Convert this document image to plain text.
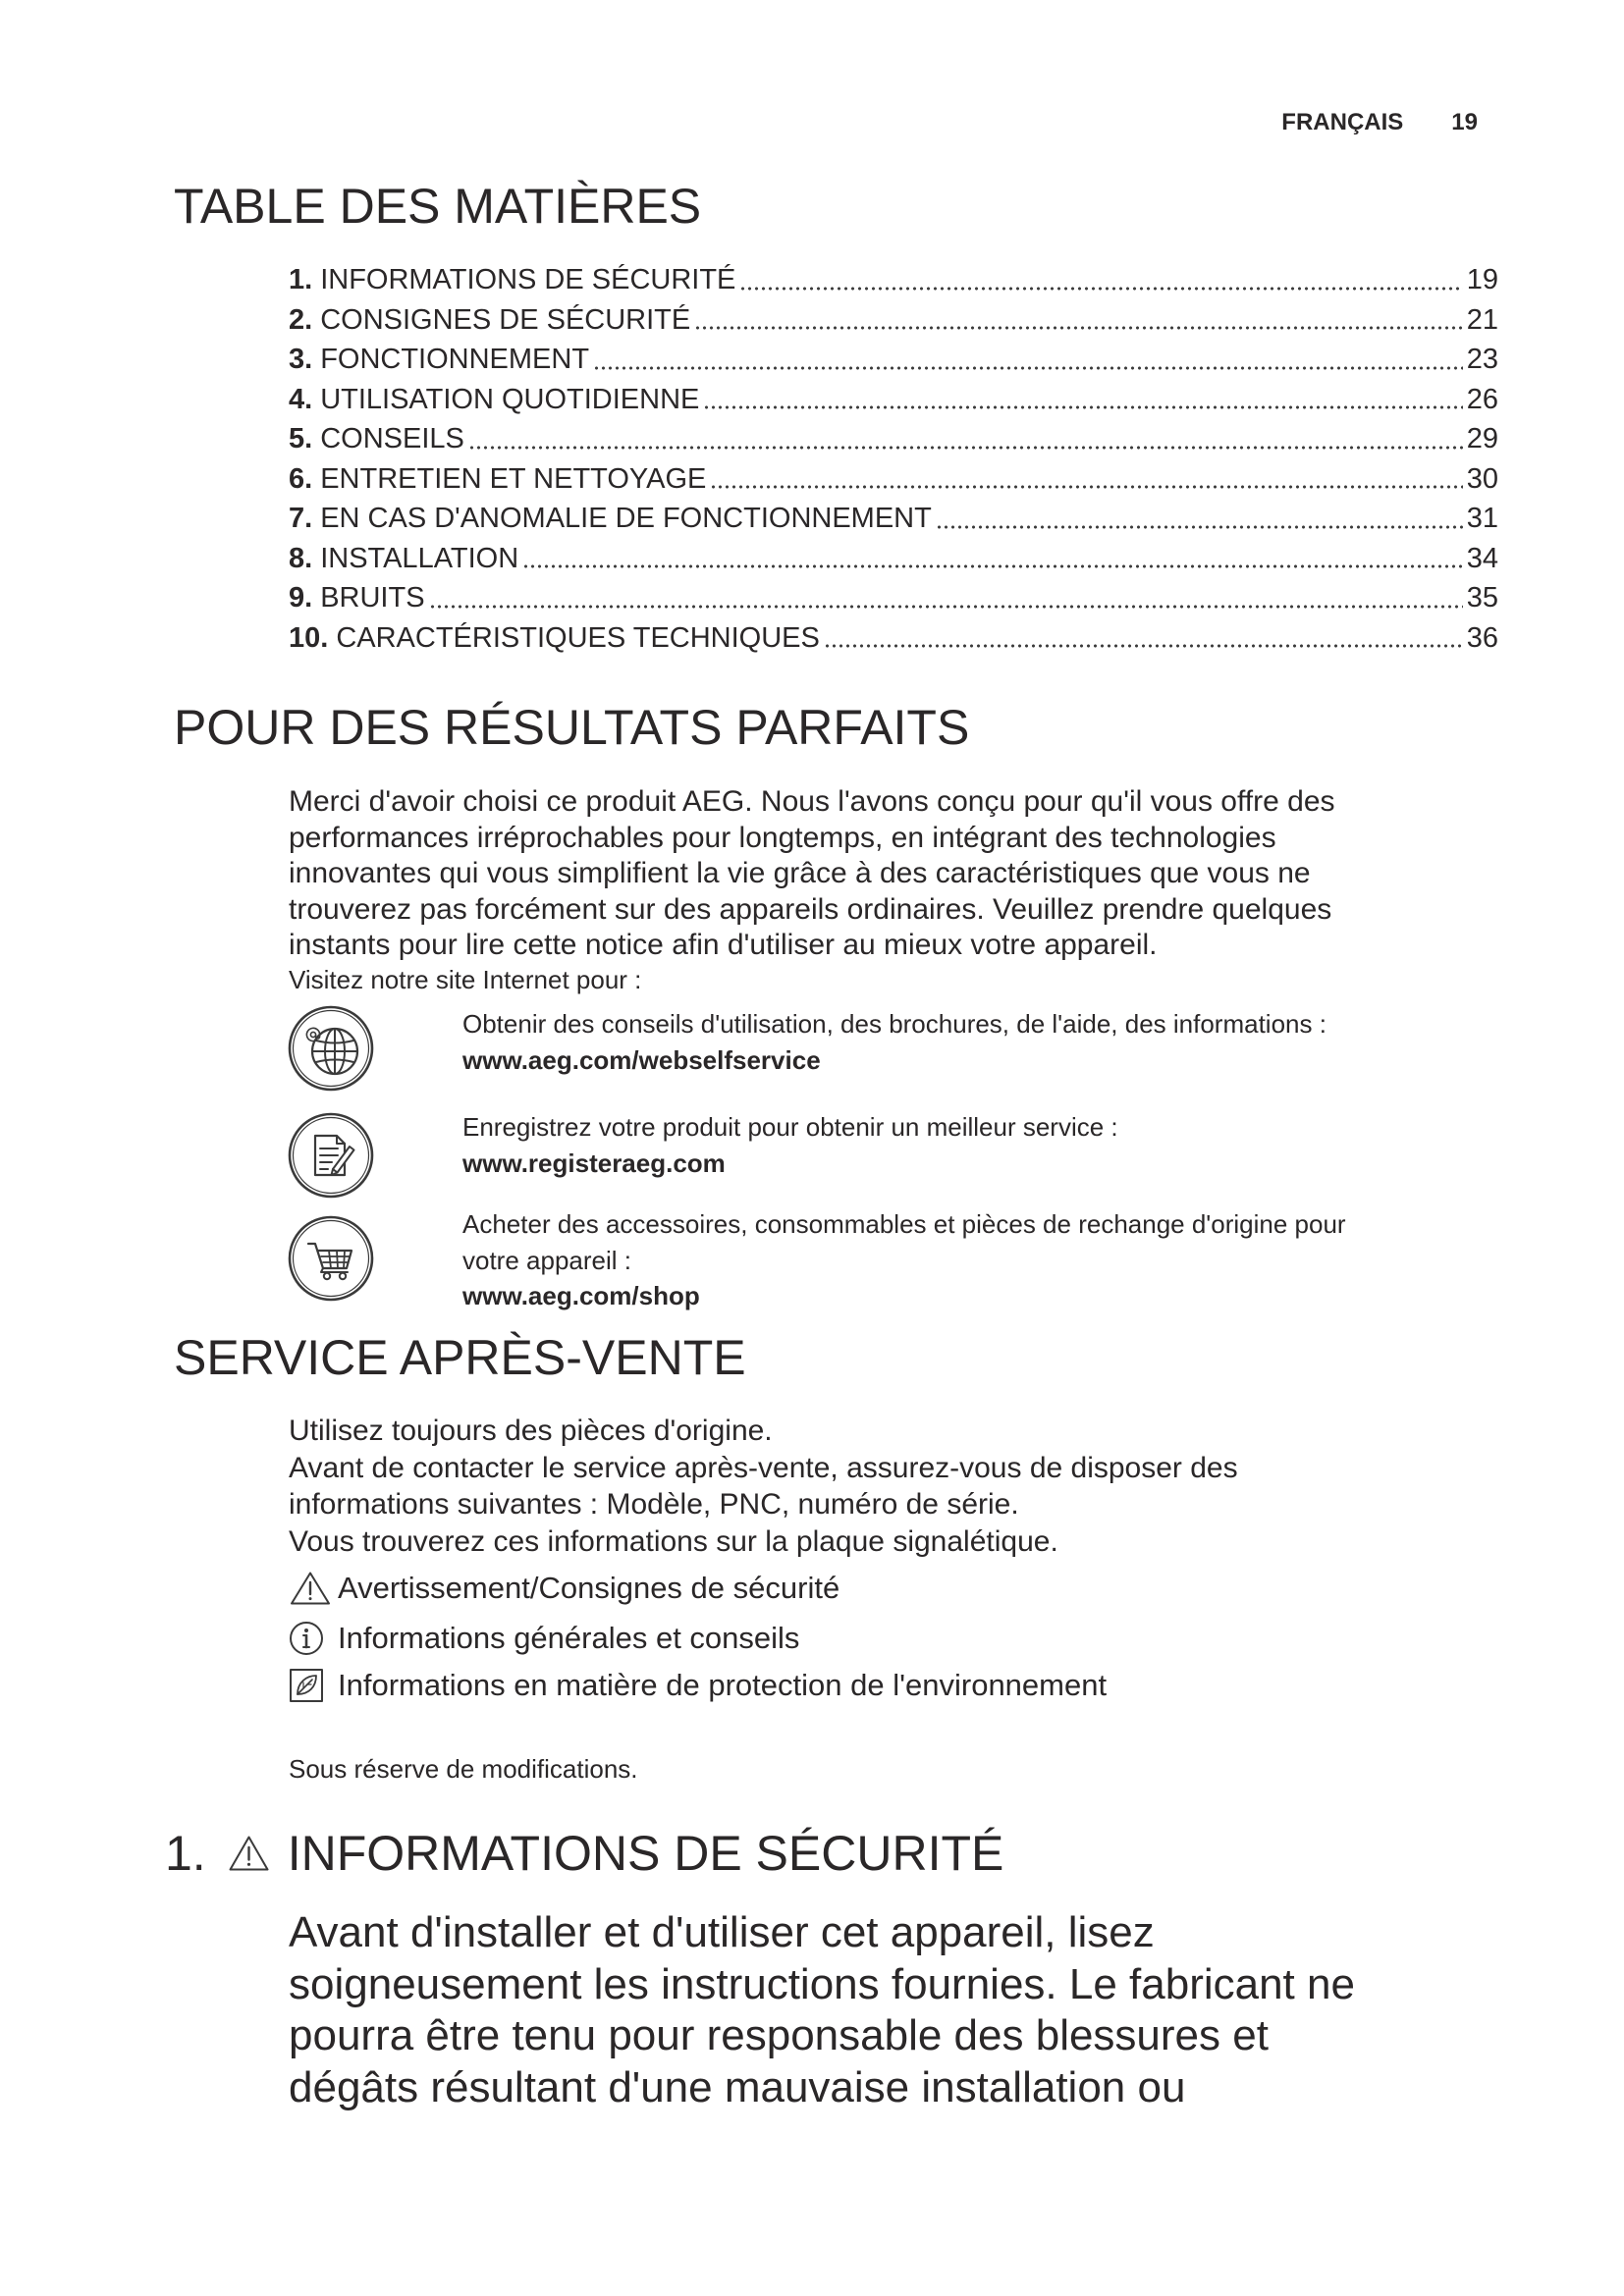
FRANÇAIS 19
TABLE DES MATIÈRES
1. INFORMATIONS DE SÉCURITÉ	19
2. CONSIGNES DE SÉCURITÉ	21
3. FONCTIONNEMENT	23
4. UTILISATION QUOTIDIENNE	26
5. CONSEILS	29
6. ENTRETIEN ET NETTOYAGE	30
7. EN CAS D'ANOMALIE DE FONCTIONNEMENT	31
8. INSTALLATION	34
9. BRUITS	35
10. CARACTÉRISTIQUES TECHNIQUES	36
POUR DES RÉSULTATS PARFAITS
Merci d'avoir choisi ce produit AEG. Nous l'avons conçu pour qu'il vous offre des
performances irréprochables pour longtemps, en intégrant des technologies
innovantes qui vous simplifient la vie grâce à des caractéristiques que vous ne
trouverez pas forcément sur des appareils ordinaires. Veuillez prendre quelques
instants pour lire cette notice afin d'utiliser au mieux votre appareil.
Visitez notre site Internet pour :
Obtenir des conseils d'utilisation, des brochures, de l'aide, des informations :
www.aeg.com/webselfservice
Enregistrez votre produit pour obtenir un meilleur service :
www.registeraeg.com
Acheter des accessoires, consommables et pièces de rechange d'origine pour
votre appareil :
www.aeg.com/shop
SERVICE APRÈS-VENTE
Utilisez toujours des pièces d'origine.
Avant de contacter le service après-vente, assurez-vous de disposer des
informations suivantes : Modèle, PNC, numéro de série.
Vous trouverez ces informations sur la plaque signalétique.
Avertissement/Consignes de sécurité
Informations générales et conseils
Informations en matière de protection de l'environnement
Sous réserve de modifications.
1. INFORMATIONS DE SÉCURITÉ
Avant d'installer et d'utiliser cet appareil, lisez
soigneusement les instructions fournies. Le fabricant ne
pourra être tenu pour responsable des blessures et
dégâts résultant d'une mauvaise installation ou
